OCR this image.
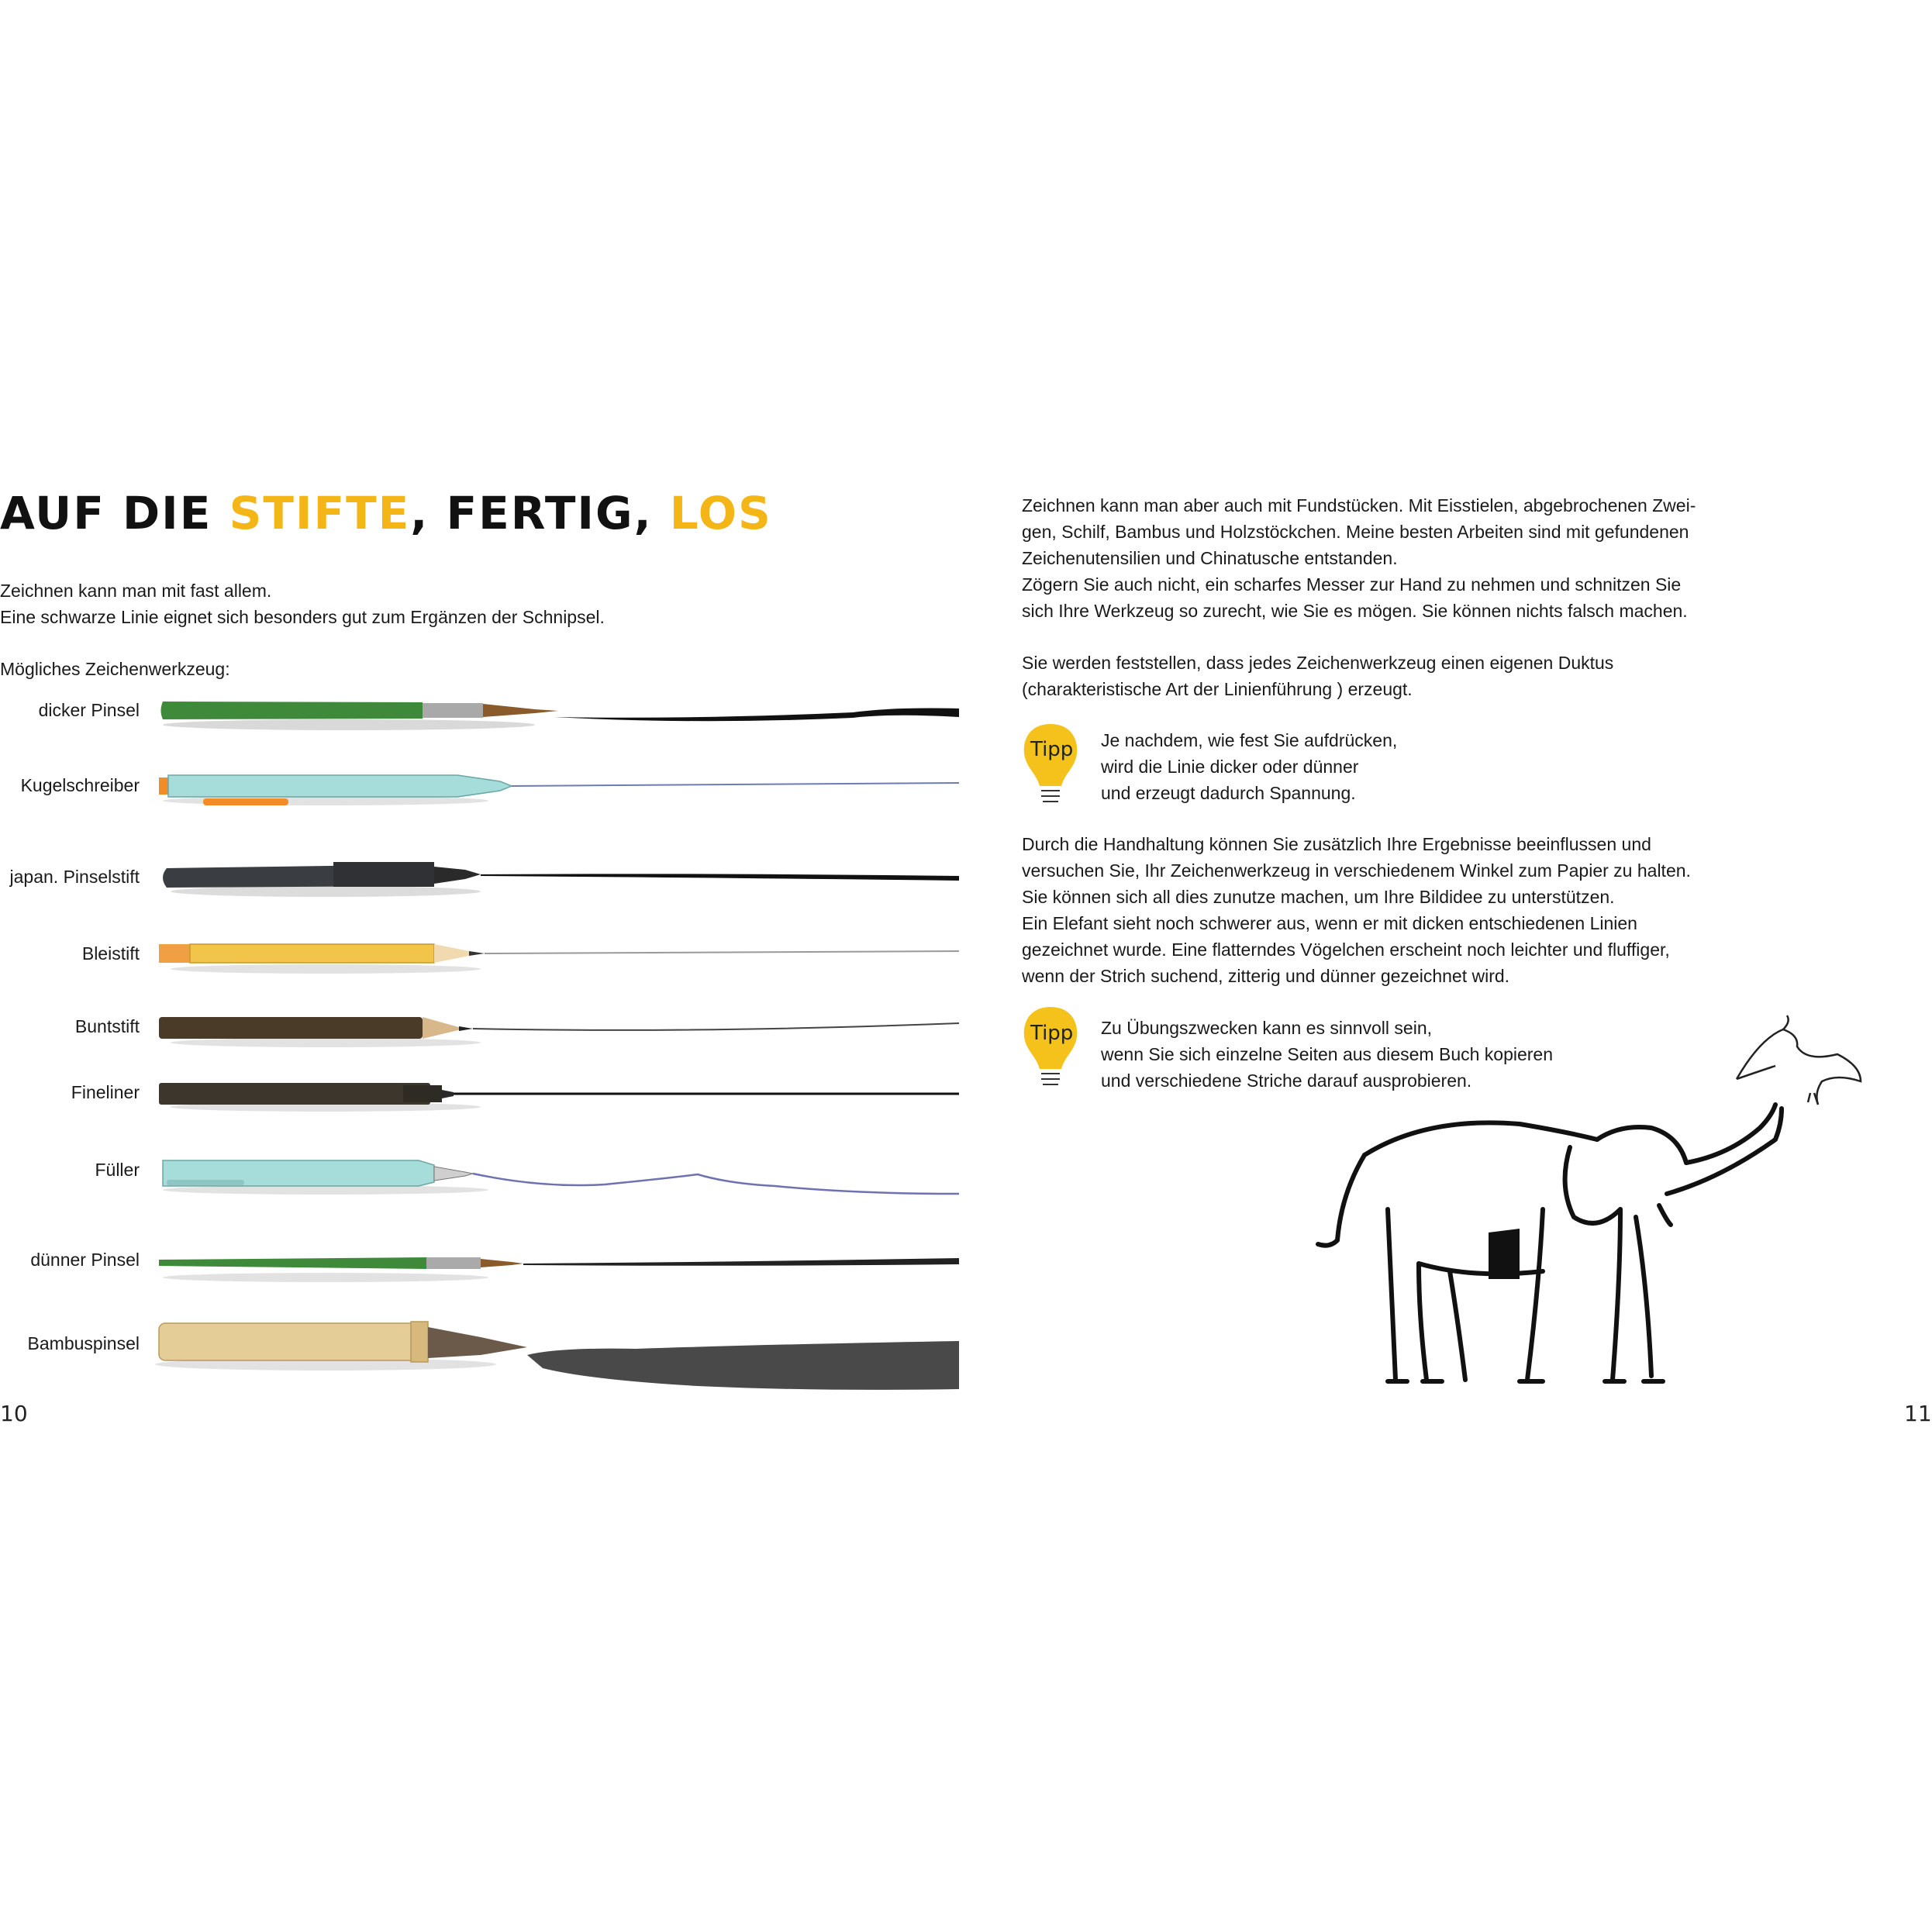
AUF DIE STIFTE, FERTIG, LOS
Zeichnen kann man mit fast allem.
Eine schwarze Linie eignet sich besonders gut zum Ergänzen der Schnipsel.
Mögliches Zeichenwerkzeug:
dicker Pinsel
Kugelschreiber
japan. Pinselstift
Bleistift
Buntstift
Fineliner
Füller
dünner Pinsel
Bambuspinsel
10
Zeichnen kann man aber auch mit Fundstücken. Mit Eisstielen, abgebrochenen Zwei-
gen, Schilf, Bambus und Holzstöckchen. Meine besten Arbeiten sind mit gefundenen
Zeichenutensilien und Chinatusche entstanden.
Zögern Sie auch nicht, ein scharfes Messer zur Hand zu nehmen und schnitzen Sie
sich Ihre Werkzeug so zurecht, wie Sie es mögen. Sie können nichts falsch machen.
Sie werden feststellen, dass jedes Zeichenwerkzeug einen eigenen Duktus
(charakteristische Art der Linienführung ) erzeugt.
Tipp Je nachdem, wie fest Sie aufdrücken,
wird die Linie dicker oder dünner
und erzeugt dadurch Spannung.
Durch die Handhaltung können Sie zusätzlich Ihre Ergebnisse beeinflussen und
versuchen Sie, Ihr Zeichenwerkzeug in verschiedenem Winkel zum Papier zu halten.
Sie können sich all dies zunutze machen, um Ihre Bildidee zu unterstützen.
Ein Elefant sieht noch schwerer aus, wenn er mit dicken entschiedenen Linien
gezeichnet wurde. Eine flatterndes Vögelchen erscheint noch leichter und fluffiger,
wenn der Strich suchend, zitterig und dünner gezeichnet wird.
Tipp Zu Übungszwecken kann es sinnvoll sein,
wenn Sie sich einzelne Seiten aus diesem Buch kopieren
und verschiedene Striche darauf ausprobieren.
11
